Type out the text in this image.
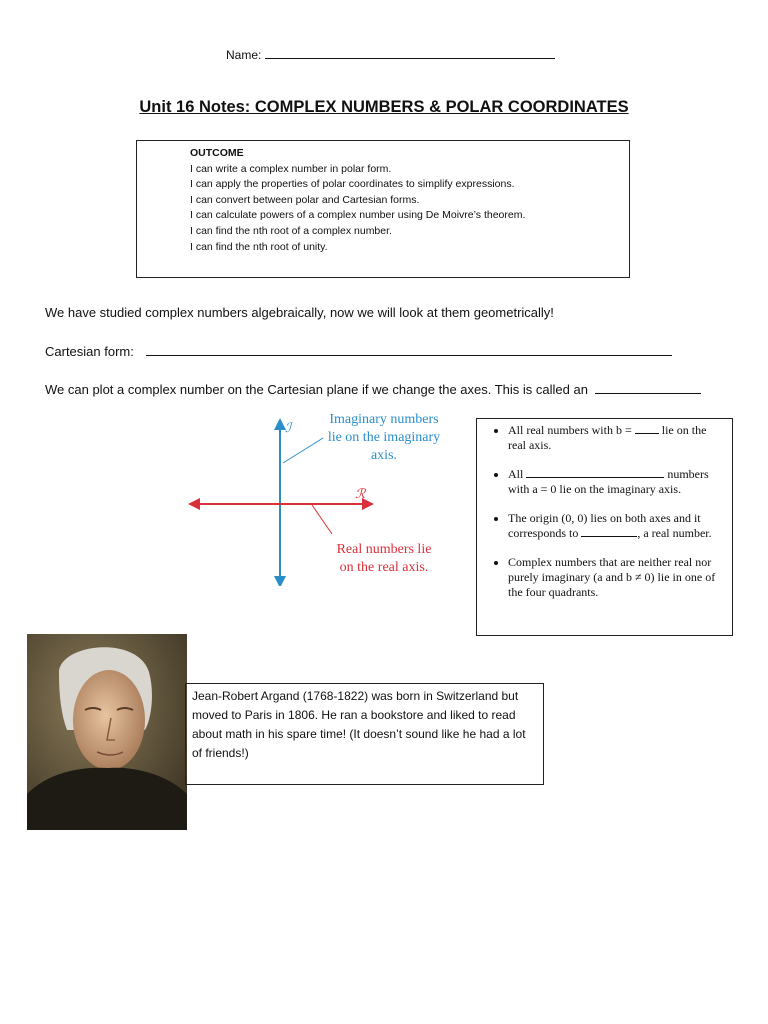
Name:
Unit 16 Notes: COMPLEX NUMBERS & POLAR COORDINATES
OUTCOME
I can write a complex number in polar form.
I can apply the properties of polar coordinates to simplify expressions.
I can convert between polar and Cartesian forms.
I can calculate powers of a complex number using De Moivre’s theorem.
I can find the nth root of a complex number.
I can find the nth root of unity.
We have studied complex numbers algebraically, now we will look at them geometrically!
Cartesian form:
We can plot a complex number on the Cartesian plane if we change the axes. This is called an
ℐ
ℛ
Imaginary numbers
lie on the imaginary
axis.
Real numbers lie
on the real axis.
• All real numbers with b =	lie on the real axis.
• All	numbers with a = 0 lie on the imaginary axis.
• The origin (0, 0) lies on both axes and it corresponds to	, a real number.
• Complex numbers that are neither real nor purely imaginary (a and b ≠ 0) lie in one of the four quadrants.
Jean-Robert Argand (1768-1822) was born in Switzerland but moved to Paris in 1806. He ran a bookstore and liked to read about math in his spare time! (It doesn’t sound like he had a lot of friends!)
